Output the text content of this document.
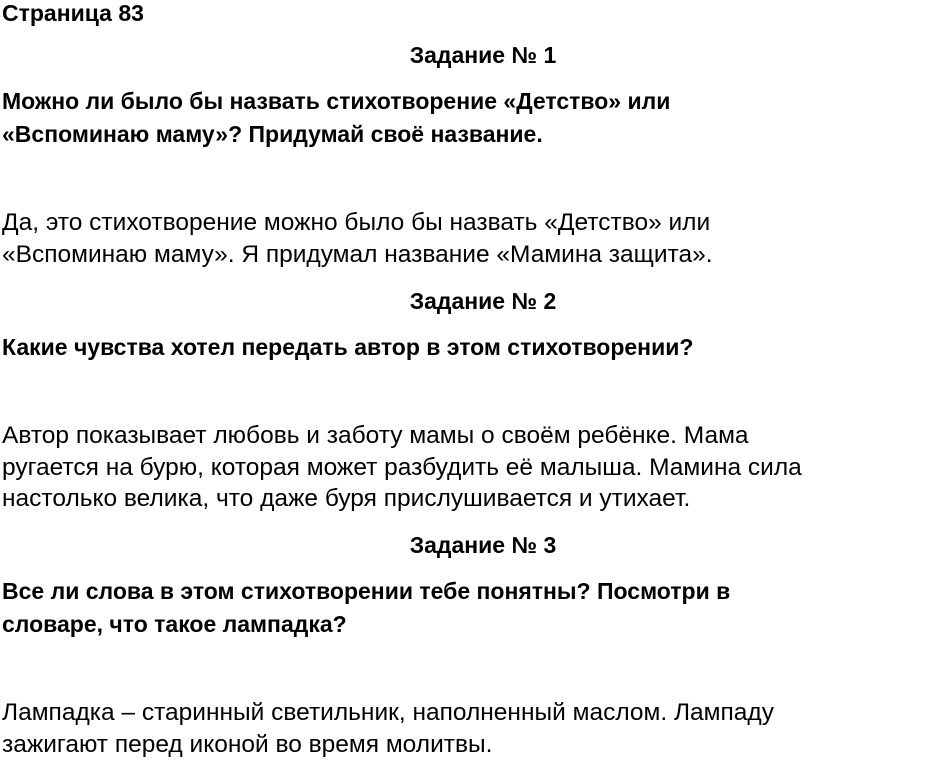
Страница 83
Задание № 1

Можно ли было бы назвать стихотворение «Детство» или
«Вспоминаю маму»? Придумай своё название.

Да, это стихотворение можно было бы назвать «Детство» или
«Вспоминаю маму». Я придумал название «Мамина защита».

Задание № 2

Какие чувства хотел передать автор в этом стихотворении?

Автор показывает любовь и заботу мамы о своём ребёнке. Мама
ругается на бурю, которая может разбудить её малыша. Мамина сила
настолько велика, что даже буря прислушивается и утихает.

Задание № 3

Все ли слова в этом стихотворении тебе понятны? Посмотри в
словаре, что такое лампадка?

Лампадка – старинный светильник, наполненный маслом. Лампаду
зажигают перед иконой во время молитвы.
